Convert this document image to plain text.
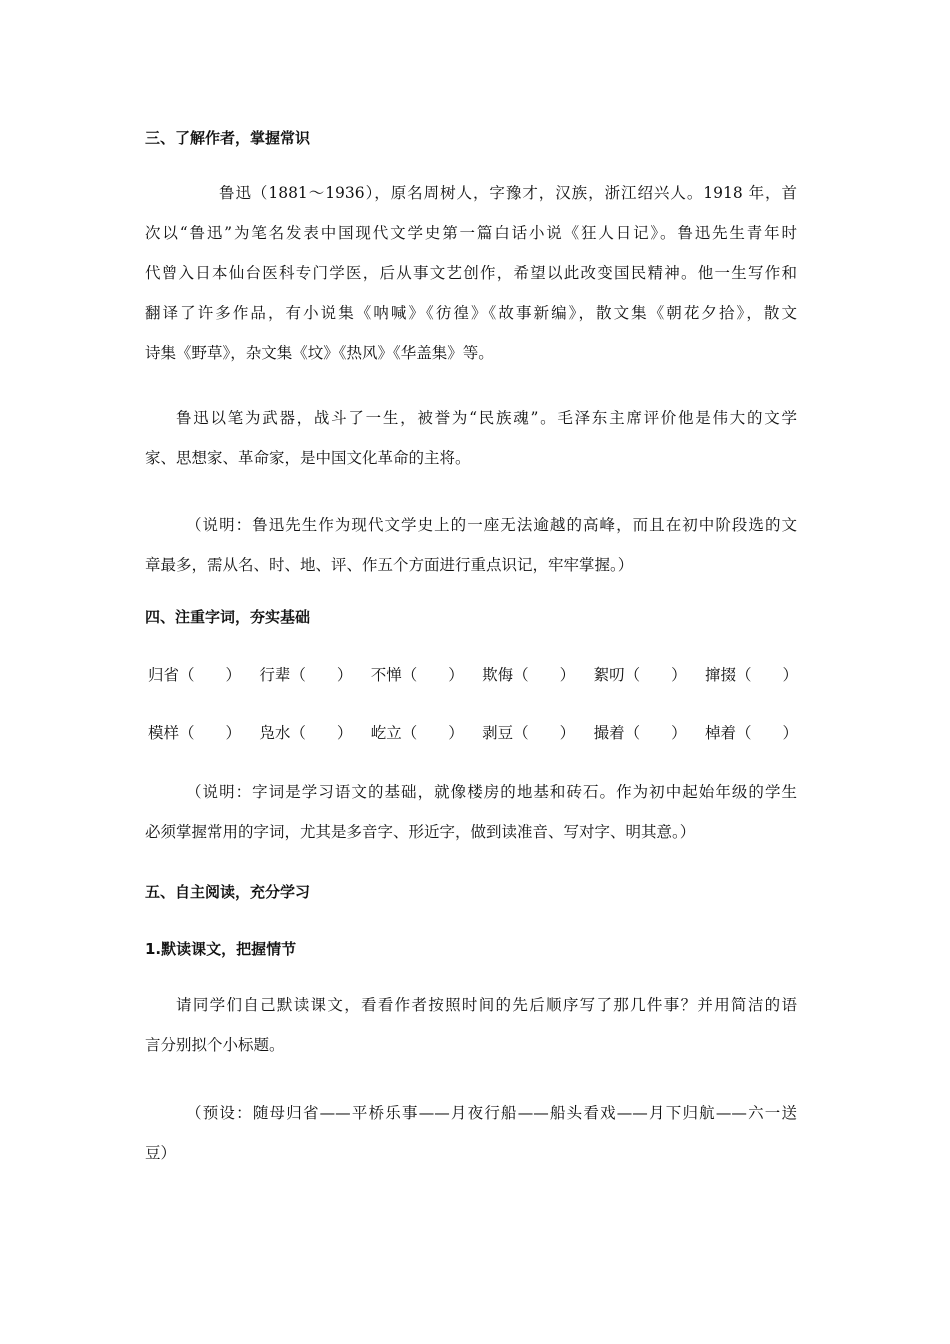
三、了解作者，掌握常识
鲁迅（1881～1936），原名周树人，字豫才，汉族，浙江绍兴人。1918 年，首
次以“鲁迅”为笔名发表中国现代文学史第一篇白话小说《狂人日记》。鲁迅先生青年时
代曾入日本仙台医科专门学医，后从事文艺创作，希望以此改变国民精神。他一生写作和
翻译了许多作品，有小说集《呐喊》《彷徨》《故事新编》，散文集《朝花夕拾》，散文
诗集《野草》，杂文集《坟》《热风》《华盖集》等。
鲁迅以笔为武器，战斗了一生，被誉为“民族魂”。毛泽东主席评价他是伟大的文学
家、思想家、革命家，是中国文化革命的主将。
（说明：鲁迅先生作为现代文学史上的一座无法逾越的高峰，而且在初中阶段选的文
章最多，需从名、时、地、评、作五个方面进行重点识记，牢牢掌握。）
四、注重字词，夯实基础
归省（　　） 行辈（　　） 不惮（　　） 欺侮（　　） 絮叨（　　） 撺掇（　　）
模样（　　） 凫水（　　） 屹立（　　） 剥豆（　　） 撮着（　　） 棹着（　　）
（说明：字词是学习语文的基础，就像楼房的地基和砖石。作为初中起始年级的学生
必须掌握常用的字词，尤其是多音字、形近字，做到读准音、写对字、明其意。）
五、自主阅读，充分学习
1.默读课文，把握情节
请同学们自己默读课文，看看作者按照时间的先后顺序写了那几件事？并用简洁的语
言分别拟个小标题。
（预设：随母归省——平桥乐事——月夜行船——船头看戏——月下归航——六一送
豆）
